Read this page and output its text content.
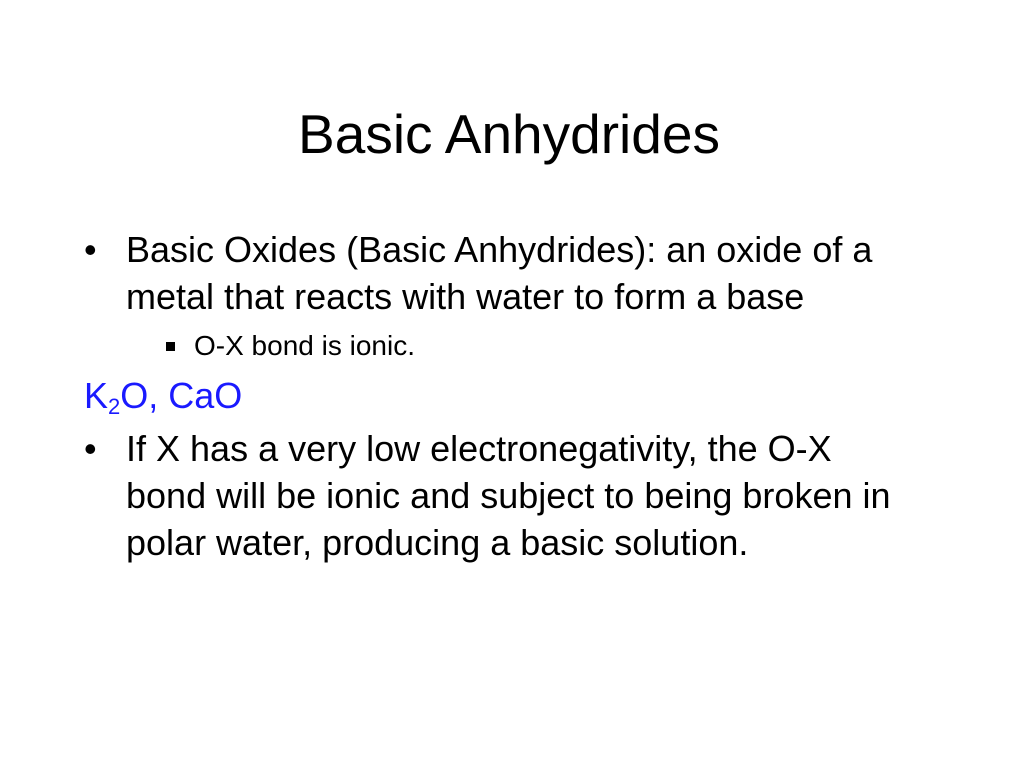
Basic Anhydrides
• Basic Oxides (Basic Anhydrides): an oxide of a metal that reacts with water to form a base
O-X bond is ionic.
$K_2O$, CaO
• If X has a very low electronegativity, the O-X bond will be ionic and subject to being broken in polar water, producing a basic solution.
